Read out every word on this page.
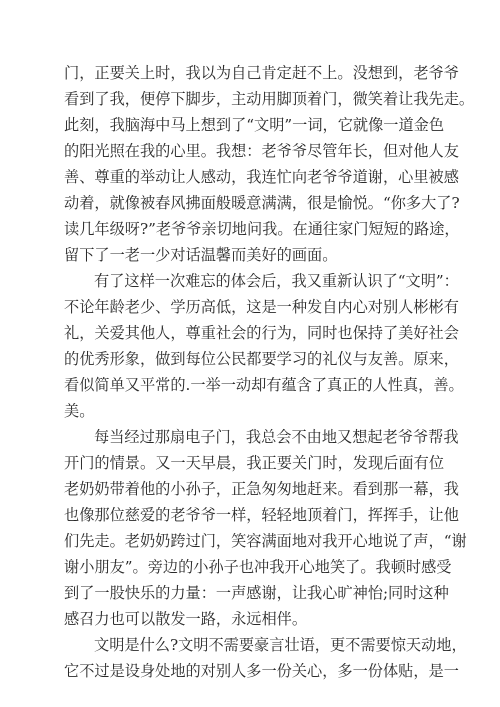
门，正要关上时，我以为自己肯定赶不上。没想到，老爷爷
看到了我，便停下脚步，主动用脚顶着门，微笑着让我先走。
此刻，我脑海中马上想到了“文明”一词，它就像一道金色
的阳光照在我的心里。我想：老爷爷尽管年长，但对他人友
善、尊重的举动让人感动，我连忙向老爷爷道谢，心里被感
动着，就像被春风拂面般暖意满满，很是愉悦。“你多大了?
读几年级呀?”老爷爷亲切地问我。在通往家门短短的路途，
留下了一老一少对话温馨而美好的画面。
有了这样一次难忘的体会后，我又重新认识了“文明”：
不论年龄老少、学历高低，这是一种发自内心对别人彬彬有
礼，关爱其他人，尊重社会的行为，同时也保持了美好社会
的优秀形象，做到每位公民都要学习的礼仪与友善。原来，
看似简单又平常的.一举一动却有蕴含了真正的人性真，善。
美。
每当经过那扇电子门，我总会不由地又想起老爷爷帮我
开门的情景。又一天早晨，我正要关门时，发现后面有位
老奶奶带着他的小孙子，正急匆匆地赶来。看到那一幕，我
也像那位慈爱的老爷爷一样，轻轻地顶着门，挥挥手，让他
们先走。老奶奶跨过门，笑容满面地对我开心地说了声，“谢
谢小朋友”。旁边的小孙子也冲我开心地笑了。我顿时感受
到了一股快乐的力量：一声感谢，让我心旷神怡;同时这种
感召力也可以散发一路，永远相伴。
文明是什么?文明不需要豪言壮语，更不需要惊天动地，
它不过是设身处地的对别人多一份关心，多一份体贴，是一
